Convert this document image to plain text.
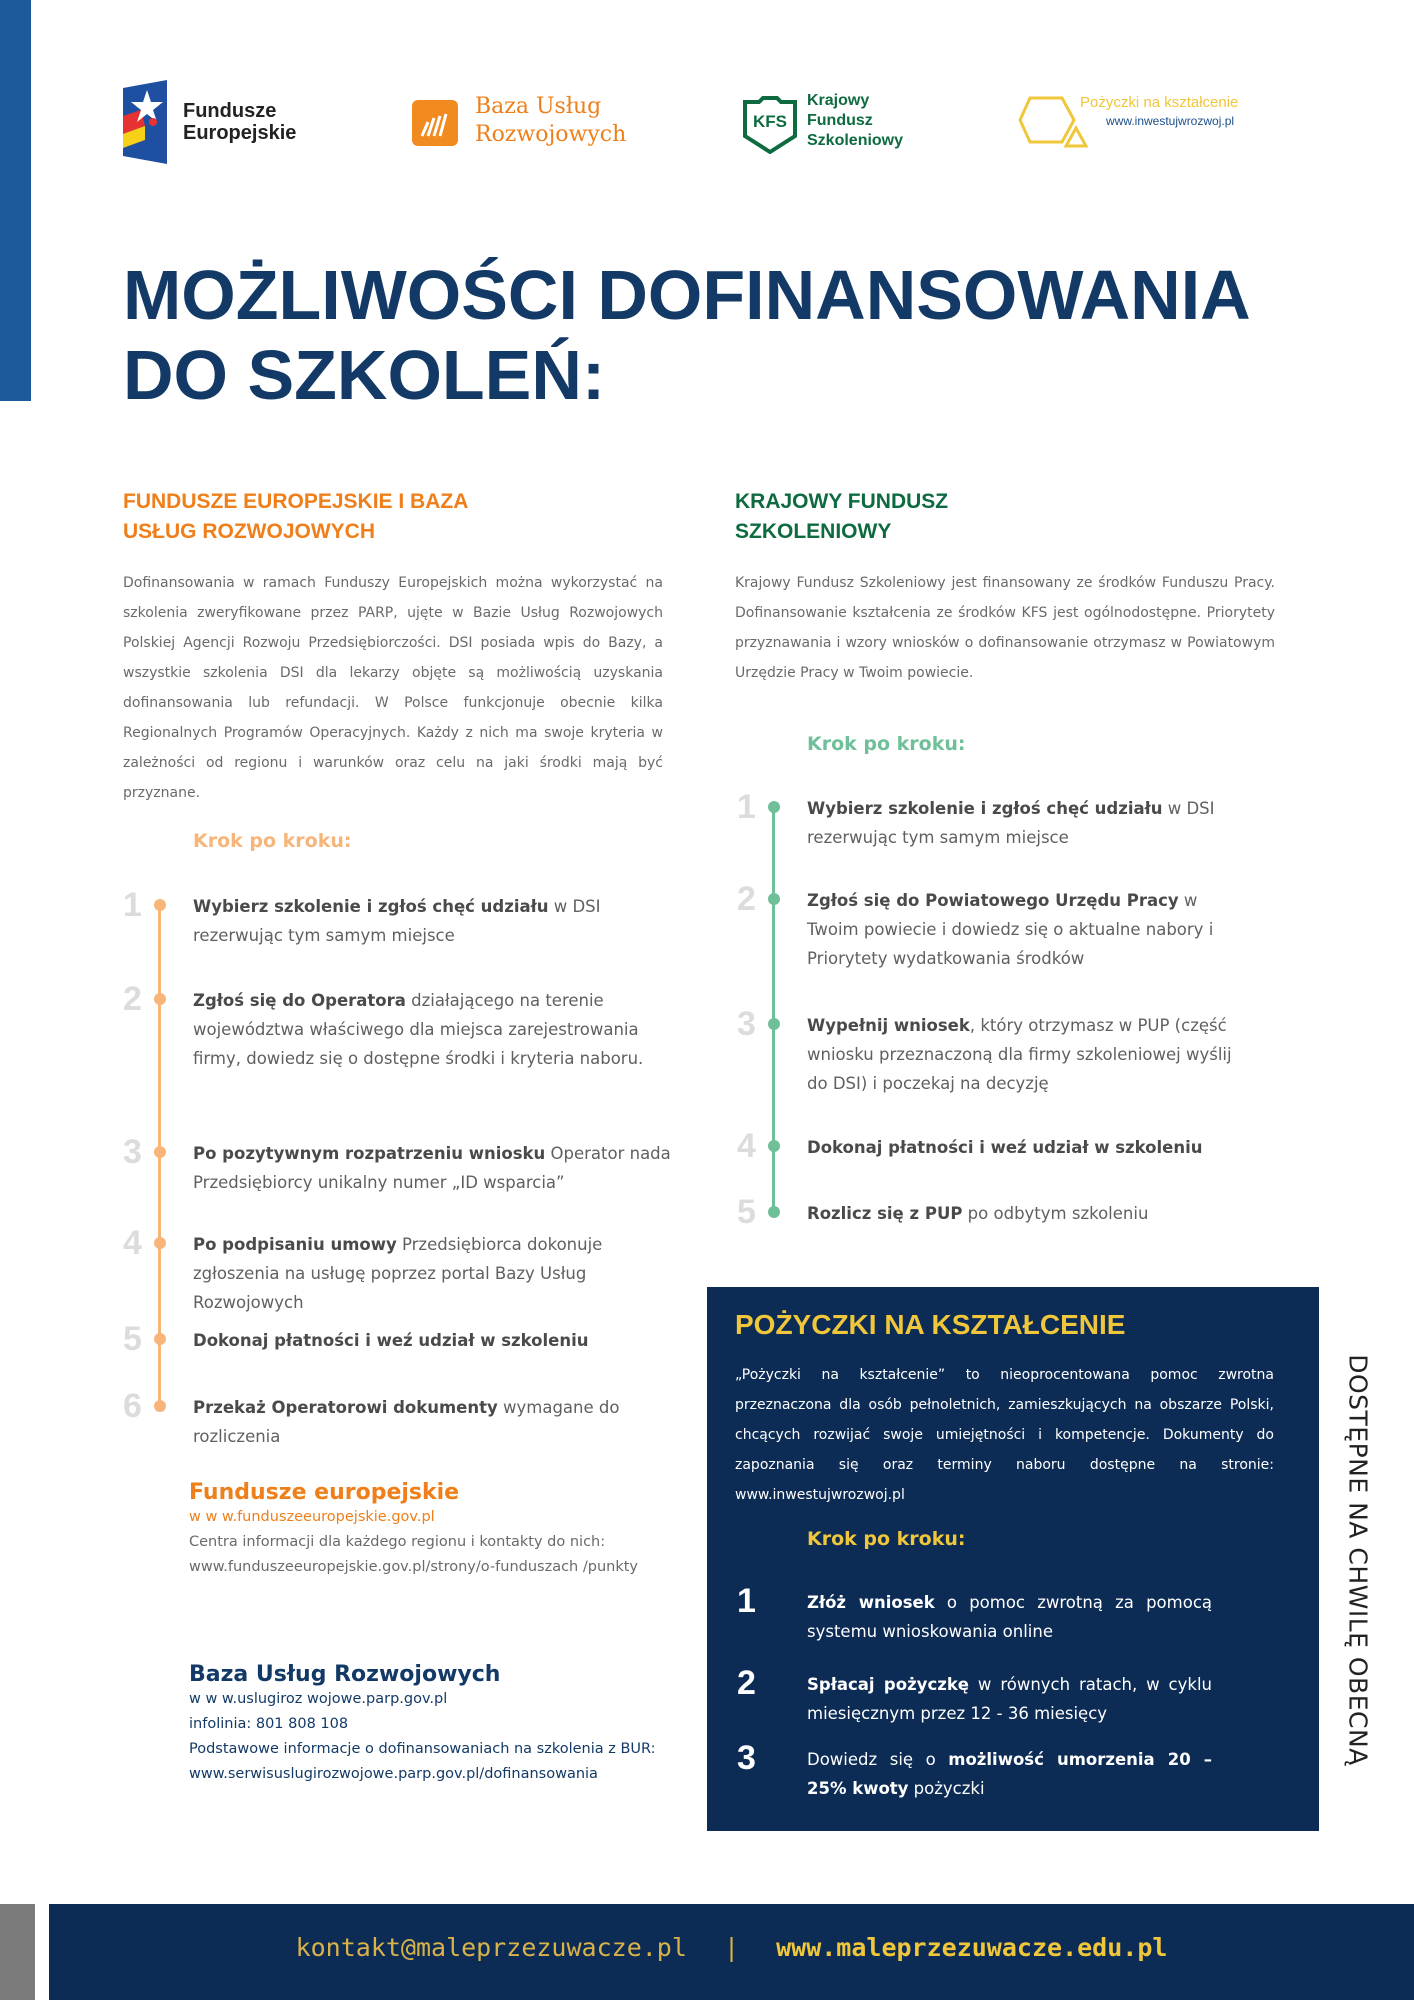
Fundusze
Europejskie
Baza Usług
Rozwojowych
KFS
Krajowy
Fundusz
Szkoleniowy
Pożyczki na kształcenie
www.inwestujwrozwoj.pl
MOŻLIWOŚCI DOFINANSOWANIA
DO SZKOLEŃ:
FUNDUSZE EUROPEJSKIE I BAZA
USŁUG ROZWOJOWYCH

Dofinansowania w ramach Funduszy Europejskich można wykorzystać na szkolenia zweryfikowane przez PARP, ujęte w Bazie Usług Rozwojowych Polskiej Agencji Rozwoju Przedsiębiorczości. DSI posiada wpis do Bazy, a wszystkie szkolenia DSI dla lekarzy objęte są możliwością uzyskania dofinansowania lub refundacji. W Polsce funkcjonuje obecnie kilka Regionalnych Programów Operacyjnych. Każdy z nich ma swoje kryteria w zależności od regionu i warunków oraz celu na jaki środki mają być przyznane.

Krok po kroku:
1	Wybierz szkolenie i zgłoś chęć udziału w DSI rezerwując tym samym miejsce

2	Zgłoś się do Operatora działającego na terenie województwa właściwego dla miejsca zarejestrowania firmy, dowiedz się o dostępne środki i kryteria naboru.

3	Po pozytywnym rozpatrzeniu wniosku Operator nada Przedsiębiorcy unikalny numer „ID wsparcia”

4	Po podpisaniu umowy Przedsiębiorca dokonuje zgłoszenia na usługę poprzez portal Bazy Usług Rozwojowych

5	Dokonaj płatności i weź udział w szkoleniu

6	Przekaż Operatorowi dokumenty wymagane do rozliczenia

KRAJOWY FUNDUSZ
SZKOLENIOWY

Krajowy Fundusz Szkoleniowy jest finansowany ze środków Funduszu Pracy. Dofinansowanie kształcenia ze środków KFS jest ogólnodostępne. Priorytety przyznawania i wzory wniosków o dofinansowanie otrzymasz w Powiatowym Urzędzie Pracy w Twoim powiecie.

Krok po kroku:
1	Wybierz szkolenie i zgłoś chęć udziału w DSI rezerwując tym samym miejsce

2	Zgłoś się do Powiatowego Urzędu Pracy w Twoim powiecie i dowiedz się o aktualne nabory i Priorytety wydatkowania środków

3	Wypełnij wniosek, który otrzymasz w PUP (część wniosku przeznaczoną dla firmy szkoleniowej wyślij do DSI) i poczekaj na decyzję

4	Dokonaj płatności i weź udział w szkoleniu

5	Rozlicz się z PUP po odbytym szkoleniu

POŻYCZKI NA KSZTAŁCENIE

„Pożyczki na kształcenie” to nieoprocentowana pomoc zwrotna przeznaczona dla osób pełnoletnich, zamieszkujących na obszarze Polski, chcących rozwijać swoje umiejętności i kompetencje. Dokumenty do zapoznania się oraz terminy naboru dostępne na stronie: www.inwestujwrozwoj.pl

Krok po kroku:
1	Złóż wniosek o pomoc zwrotną za pomocą systemu wnioskowania online

2	Spłacaj pożyczkę w równych ratach, w cyklu miesięcznym przez 12 - 36 miesięcy

3	Dowiedz się o możliwość umorzenia 20 – 25% kwoty pożyczki

DOSTĘPNE NA CHWILĘ OBECNĄ

Fundusze europejskie

w w w.funduszeeuropejskie.gov.pl

Centra informacji dla każdego regionu i kontakty do nich:

www.funduszeeuropejskie.gov.pl/strony/o-funduszach /punkty

Baza Usług Rozwojowych

w w w.uslugiroz wojowe.parp.gov.pl

infolinia: 801 808 108

Podstawowe informacje o dofinansowaniach na szkolenia z BUR:

www.serwisuslugirozwojowe.parp.gov.pl/dofinansowania

kontakt@maleprzezuwacze.pl | www.maleprzezuwacze.edu.pl
